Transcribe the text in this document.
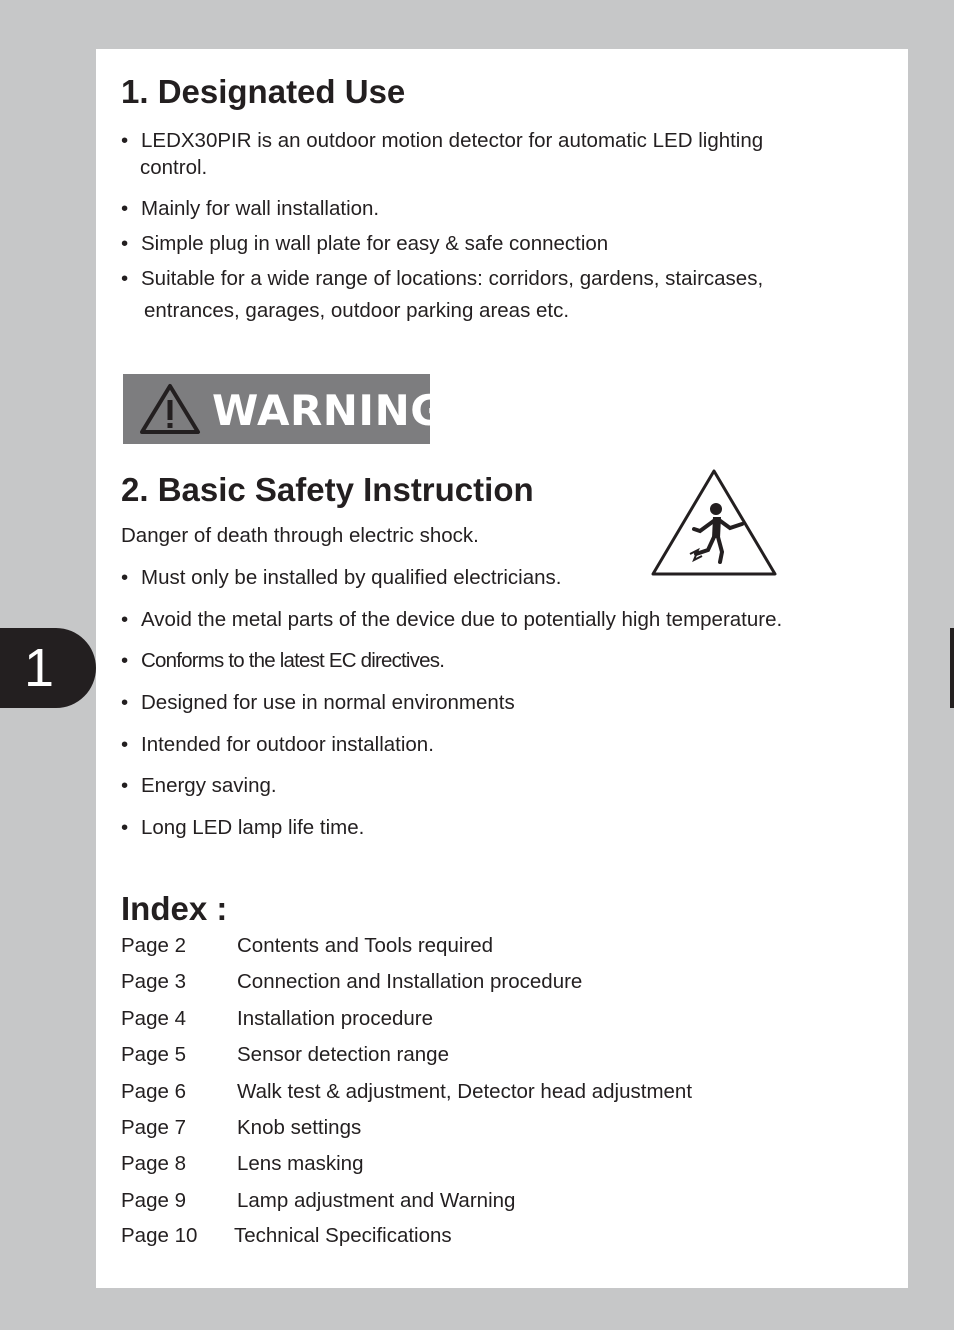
1
1. Designated Use
• LEDX30PIR is an outdoor motion detector for automatic LED lighting
control.
• Mainly for wall installation.
• Simple plug in wall plate for easy & safe connection
• Suitable for a wide range of locations: corridors, gardens, staircases,
entrances, garages, outdoor parking areas etc.
WARNING
2. Basic Safety Instruction
Danger of death through electric shock.
• Must only be installed by qualified electricians.
• Avoid the metal parts of the device due to potentially high temperature.
• Conforms to the latest EC directives.
• Designed for use in normal environments
• Intended for outdoor installation.
• Energy saving.
• Long LED lamp life time.
Index :
Page 2 Contents and Tools required
Page 3 Connection and Installation procedure
Page 4 Installation procedure
Page 5 Sensor detection range
Page 6 Walk test & adjustment, Detector head adjustment
Page 7 Knob settings
Page 8 Lens masking
Page 9 Lamp adjustment and Warning
Page 10 Technical Specifications
